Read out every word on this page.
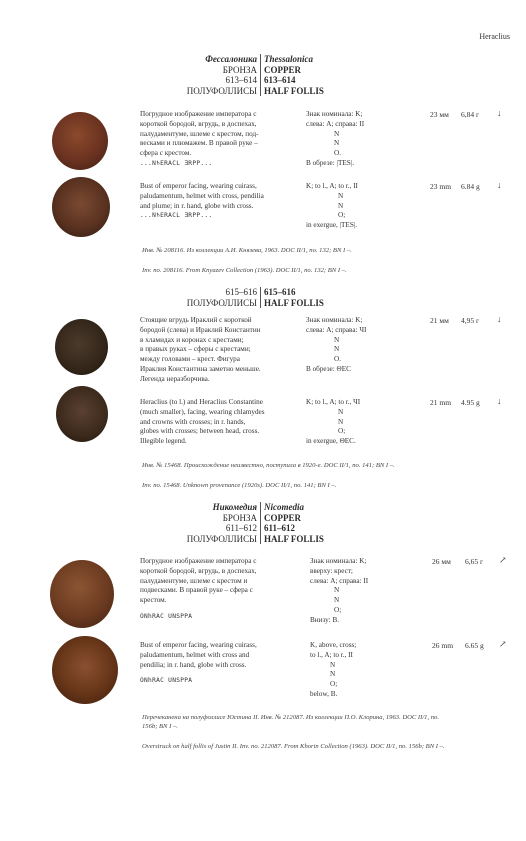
Heraclius
Фессалоника
БРОНЗА
613–614
ПОЛУФОЛЛИСЫ
Thessalonica
COPPER
613–614
HALF FOLLIS
Погрудное изображение императора с
короткой бородой, вгрудь, в доспехах,
палудаментуме, шлеме с крестом, под-
весками и плюмажем. В правой руке –
сфера с крестом.
...N♄ERACL ƎRPP...
Знак номинала: K;
слева: A; справа: II
N
N
O.
В обрезе: |TES|.
23 мм 6,84 г ↓
Bust of emperor facing, wearing cuirass,
paludamentum, helmet with cross, pendilia
and plume; in r. hand, globe with cross.
...N♄ERACL ƎRPP...
K; to l., A; to r., II
N
N
O;
in exergue, |TES|.
23 mm 6.84 g ↓
Инв. № 208116. Из коллекции А.И. Князева, 1963. DOC II/1, no. 132; BN I –.
Inv. no. 208116. From Knyazev Collection (1963). DOC II/1, no. 132; BN I –.
615–616
ПОЛУФОЛЛИСЫ
615–616
HALF FOLLIS
Стоящие вгрудь Ираклий с короткой
бородой (слева) и Ираклий Константин
в хламидах и коронах с крестами;
в правых руках – сферы с крестами;
между головами – крест. Фигура
Ираклия Константина заметно меньше.
Легенда неразборчива.
Знак номинала: K;
слева: A; справа: ЧI
N
N
O.
В обрезе: ΘEC
21 мм 4,95 г ↓
Heraclius (to l.) and Heraclius Constantine
(much smaller), facing, wearing chlamydes
and crowns with crosses; in r. hands,
globes with crosses; between head, cross.
Illegible legend.
K; to l., A; to r., ЧI
N
N
O;
in exergue, ΘEC.
21 mm 4.95 g ↓
Инв. № 15468. Происхождение неизвестно, поступила в 1920-е. DOC II/1, no. 141; BN I –.
Inv. no. 15468. Unknown provenance (1920s). DOC II/1, no. 141; BN I –.
Никомедия
БРОНЗА
611–612
ПОЛУФОЛЛИСЫ
Nicomedia
COPPER
611–612
HALF FOLLIS
Погрудное изображение императора с
короткой бородой, вгрудь, в доспехах,
палудаментуме, шлеме с крестом и
подвесками. В правой руке – сфера с
крестом.
ONhRAC UNSPPA
Знак номинала: K;
вверху: крест;
слева: A; справа: II
N
N
O;
Внизу: B.
26 мм 6,65 г ↗
Bust of emperor facing, wearing cuirass,
paludamentum, helmet with cross and
pendilia; in r. hand, globe with cross.
ONhRAC UNSPPA
K, above, cross;
to l., A; to r., II
N
N
O;
below, B.
26 mm 6.65 g ↗
Перечеканена на полуфоллисе Юстина II. Инв. № 212087. Из коллекции П.О. Клорина, 1963. DOC II/1, no.
156b; BN I –.
Overstruck on half follis of Justin II. Inv. no. 212087. From Khorin Collection (1963). DOC II/1, no. 156b; BN I –.
